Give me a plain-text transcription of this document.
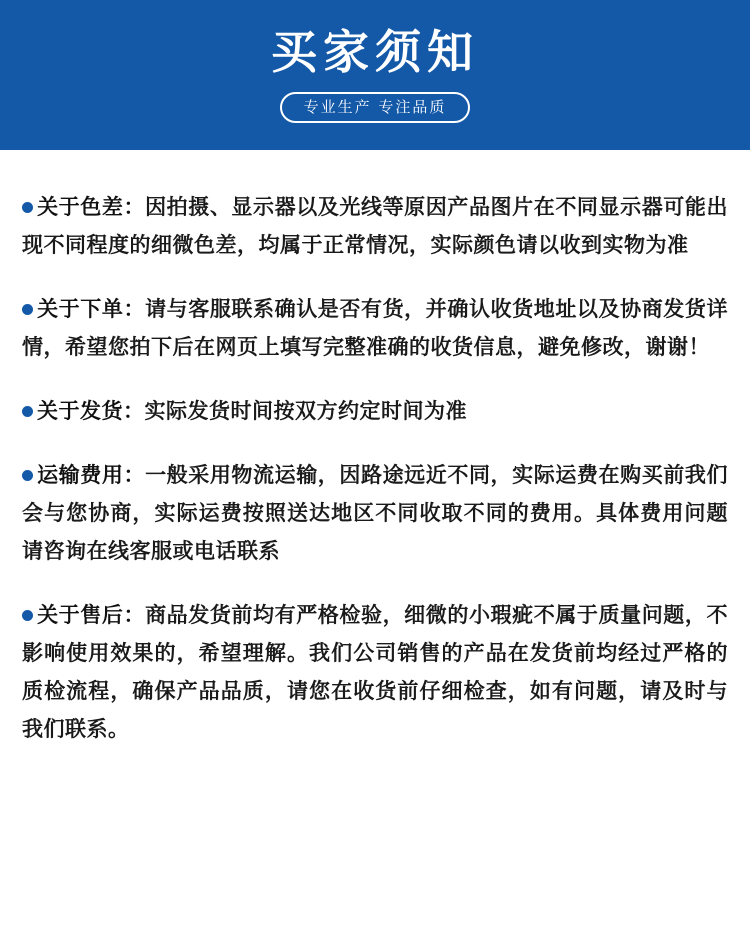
买家须知
专业生产 专注品质

关于色差：因拍摄、显示器以及光线等原因产品图片在不同显示器可能出现不同程度的细微色差，均属于正常情况，实际颜色请以收到实物为准

关于下单：请与客服联系确认是否有货，并确认收货地址以及协商发货详情，希望您拍下后在网页上填写完整准确的收货信息，避免修改，谢谢！

关于发货：实际发货时间按双方约定时间为准

运输费用：一般采用物流运输，因路途远近不同，实际运费在购买前我们会与您协商，实际运费按照送达地区不同收取不同的费用。具体费用问题请咨询在线客服或电话联系

关于售后：商品发货前均有严格检验，细微的小瑕疵不属于质量问题，不影响使用效果的，希望理解。我们公司销售的产品在发货前均经过严格的质检流程，确保产品品质，请您在收货前仔细检查，如有问题，请及时与我们联系。
